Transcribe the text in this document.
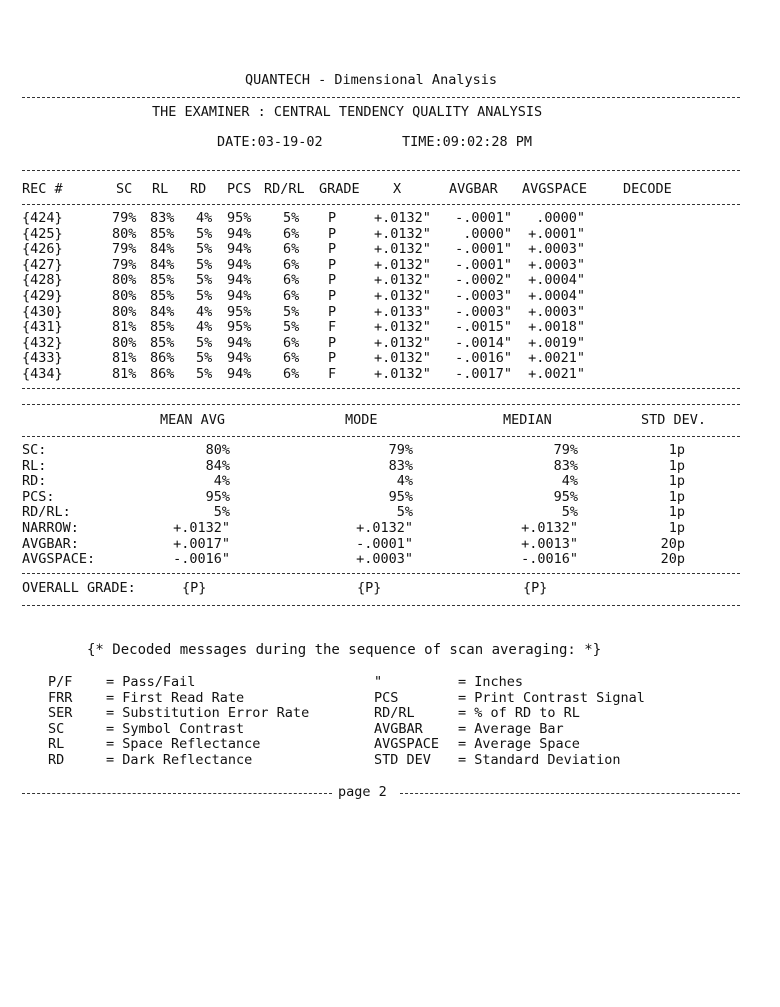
QUANTECH - Dimensional Analysis
THE EXAMINER : CENTRAL TENDENCY QUALITY ANALYSIS
DATE:03-19-02	TIME:09:02:28 PM
REC #	SC RL RD PCS RD/RL GRADE X	AVGBAR AVGSPACE	DECODE
{424}	79% 83% 4% 95% 5% P	+.0132"	-.0001"	.0000"
{425}	80% 85% 5% 94% 6% P	+.0132"	.0000"	+.0001"
{426}	79% 84% 5% 94% 6% P	+.0132"	-.0001"	+.0003"
{427}	79% 84% 5% 94% 6% P	+.0132"	-.0001"	+.0003"
{428}	80% 85% 5% 94% 6% P	+.0132"	-.0002"	+.0004"
{429}	80% 85% 5% 94% 6% P	+.0132"	-.0003"	+.0004"
{430}	80% 84% 4% 95% 5% P	+.0133"	-.0003"	+.0003"
{431}	81% 85% 4% 95% 5% F	+.0132"	-.0015"	+.0018"
{432}	80% 85% 5% 94% 6% P	+.0132"	-.0014"	+.0019"
{433}	81% 86% 5% 94% 6% P	+.0132"	-.0016"	+.0021"
{434}	81% 86% 5% 94% 6% F	+.0132"	-.0017"	+.0021"
MEAN AVG	MODE	MEDIAN	STD DEV.
SC:	80%	79%	79%	1p
RL:	84%	83%	83%	1p
RD:	4%	4%	4%	1p
PCS:	95%	95%	95%	1p
RD/RL:	5%	5%	5%	1p
NARROW:	+.0132"	+.0132"	+.0132"	1p
AVGBAR:	+.0017"	-.0001"	+.0013"	20p
AVGSPACE:	-.0016"	+.0003"	-.0016"	20p
OVERALL GRADE:	{P}	{P}	{P}
{* Decoded messages during the sequence of scan averaging: *}
P/F = Pass/Fail
FRR = First Read Rate
SER = Substitution Error Rate
SC	= Symbol Contrast
RL	= Space Reflectance
RD	= Dark Reflectance
"	= Inches
PCS	= Print Contrast Signal
RD/RL	= % of RD to RL
AVGBAR	= Average Bar
AVGSPACE = Average Space
STD DEV = Standard Deviation
page 2
